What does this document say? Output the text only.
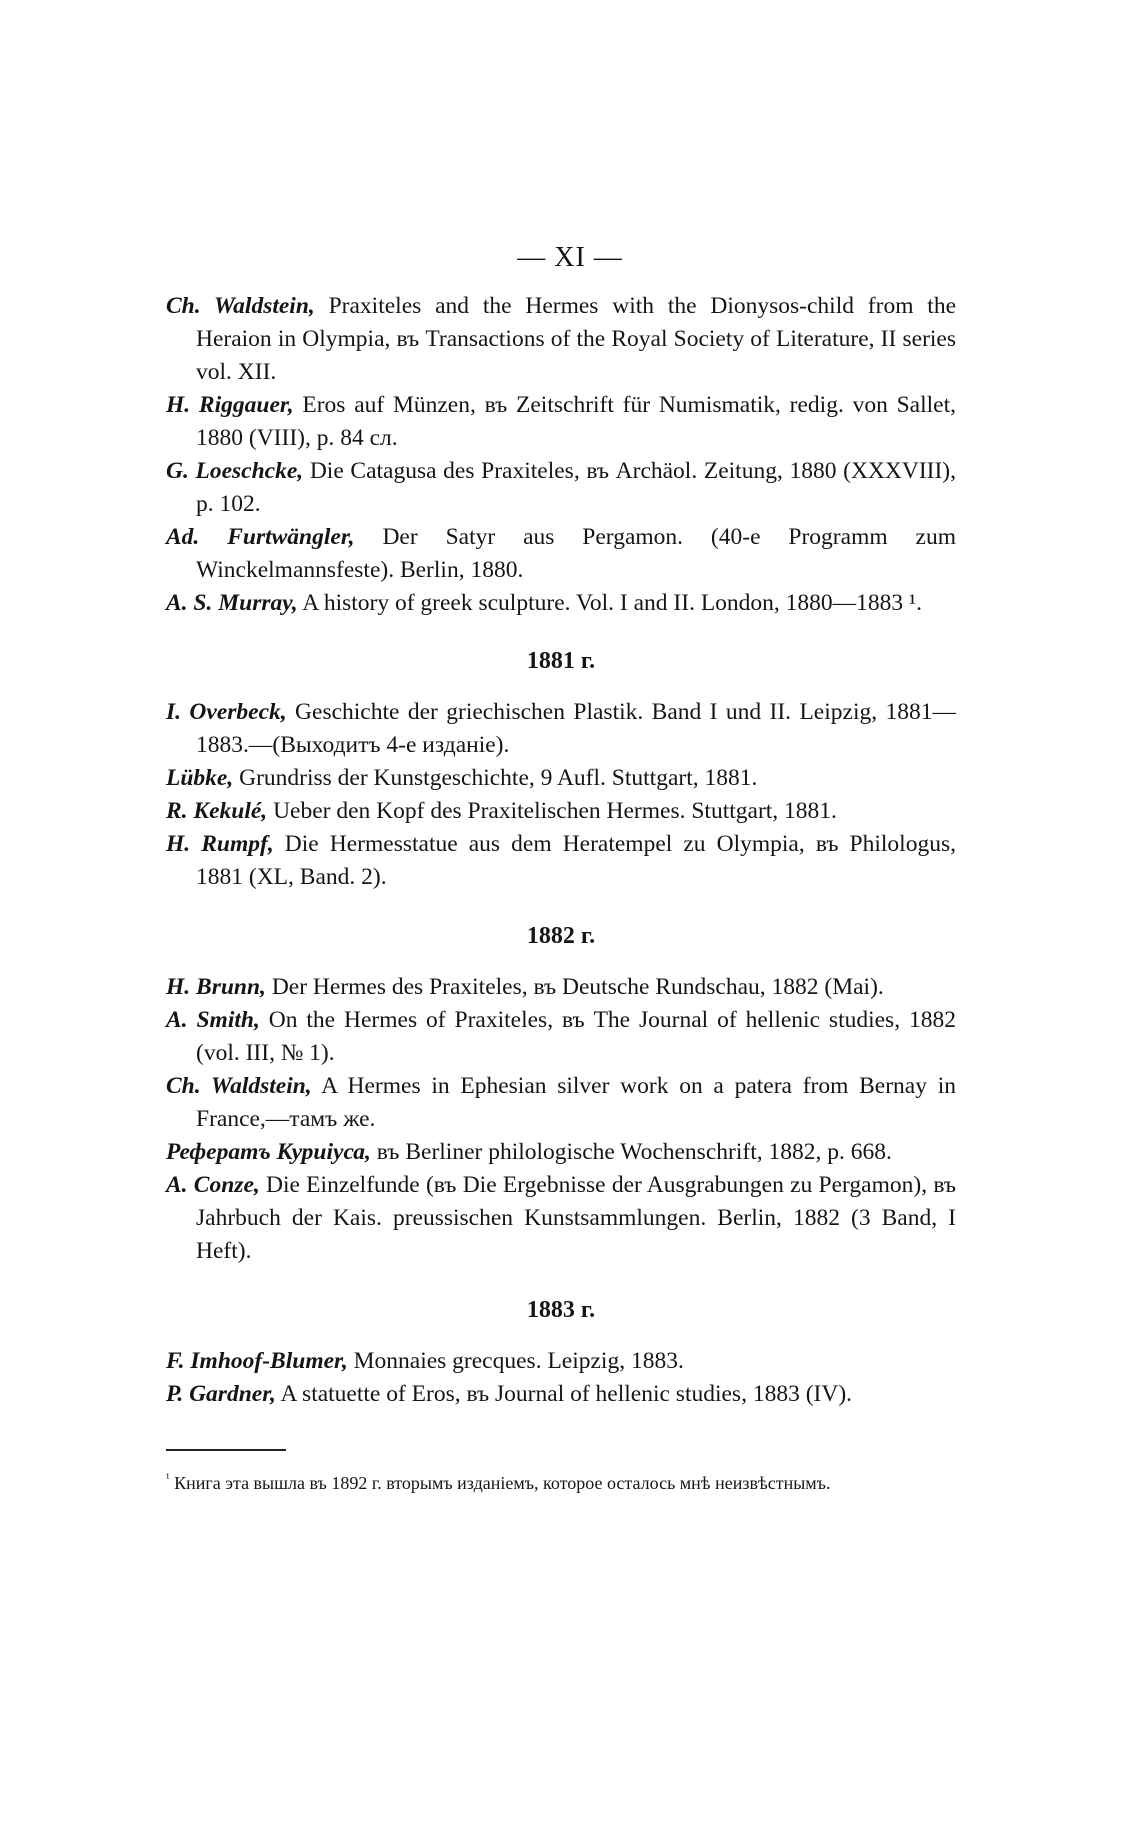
— XI —

Ch. Waldstein, Praxiteles and the Hermes with the Dionysos-child from the Heraion in Olympia, въ Transactions of the Royal Society of Literature, II series vol. XII.

H. Riggauer, Eros auf Münzen, въ Zeitschrift für Numismatik, redig. von Sallet, 1880 (VIII), p. 84 сл.

G. Loeschcke, Die Catagusa des Praxiteles, въ Archäol. Zeitung, 1880 (XXXVIII), p. 102.

Ad. Furtwängler, Der Satyr aus Pergamon. (40-e Programm zum Winckelmannsfeste). Berlin, 1880.

A. S. Murray, A history of greek sculpture. Vol. I and II. London, 1880—1883 ¹.

1881 г.

I. Overbeck, Geschichte der griechischen Plastik. Band I und II. Leipzig, 1881—1883.—(Выходитъ 4-е изданіе).

Lübke, Grundriss der Kunstgeschichte, 9 Aufl. Stuttgart, 1881.

R. Kekulé, Ueber den Kopf des Praxitelischen Hermes. Stuttgart, 1881.

H. Rumpf, Die Hermesstatue aus dem Heratempel zu Olympia, въ Philologus, 1881 (XL, Band. 2).

1882 г.

H. Brunn, Der Hermes des Praxiteles, въ Deutsche Rundschau, 1882 (Mai).

A. Smith, On the Hermes of Praxiteles, въ The Journal of hellenic studies, 1882 (vol. III, № 1).

Ch. Waldstein, A Hermes in Ephesian silver work on a patera from Bernay in France,—тамъ же.

Рефератъ Куриіуса, въ Berliner philologische Wochenschrift, 1882, p. 668.

A. Conze, Die Einzelfunde (въ Die Ergebnisse der Ausgrabungen zu Pergamon), въ Jahrbuch der Kais. preussischen Kunstsammlungen. Berlin, 1882 (3 Band, I Heft).

1883 г.

F. Imhoof-Blumer, Monnaies grecques. Leipzig, 1883.

P. Gardner, A statuette of Eros, въ Journal of hellenic studies, 1883 (IV).

$^{^1}$ Книга эта вышла въ 1892 г. вторымъ изданіемъ, которое осталось мнѣ неизвѣстнымъ.
